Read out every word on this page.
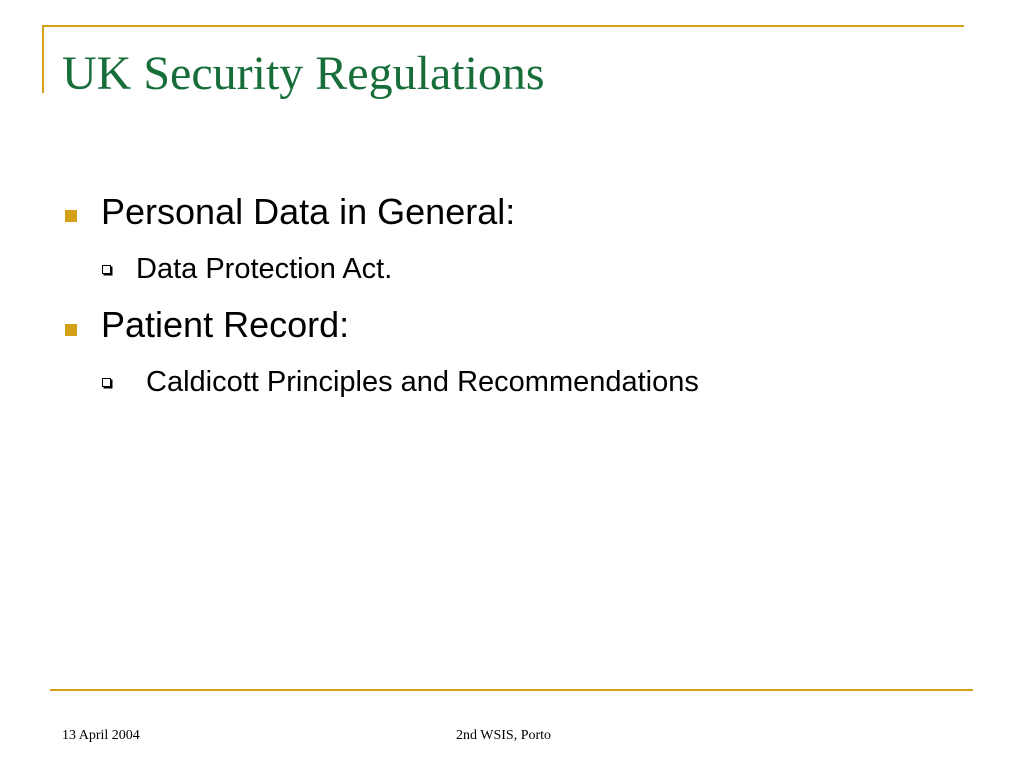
UK Security Regulations
Personal Data in General:
Data Protection Act.
Patient Record:
Caldicott Principles and Recommendations
13 April 2004	2nd WSIS, Porto
